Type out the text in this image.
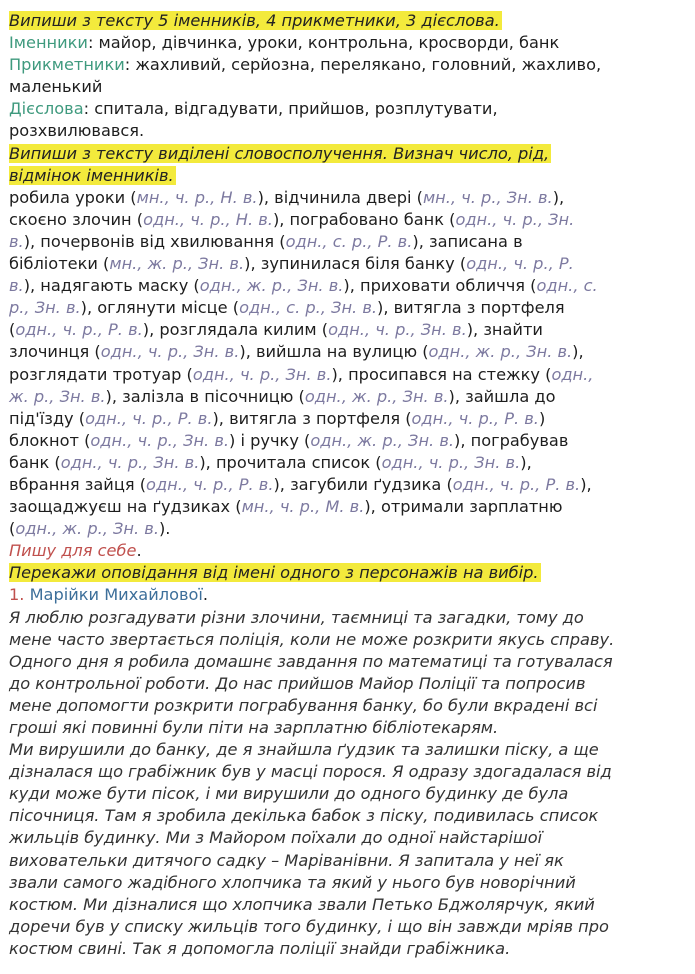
Випиши з тексту 5 іменників, 4 прикметники, 3 дієслова.
Іменники: майор, дівчинка, уроки, контрольна, кросворди, банк
Прикметники: жахливий, серйозна, перелякано, головний, жахливо,
маленький
Дієслова: спитала, відгадувати, прийшов, розплутувати,
розхвилювався.
Випиши з тексту виділені словосполучення. Визнач число, рід,
відмінок іменників.
робила уроки (мн., ч. р., Н. в.), відчинила двері (мн., ч. р., Зн. в.),
скоєно злочин (одн., ч. р., Н. в.), пограбовано банк (одн., ч. р., Зн.
в.), почервонів від хвилювання (одн., с. р., Р. в.), записана в
бібліотеки (мн., ж. р., Зн. в.), зупинилася біля банку (одн., ч. р., Р.
в.), надягають маску (одн., ж. р., Зн. в.), приховати обличчя (одн., с.
р., Зн. в.), оглянути місце (одн., с. р., Зн. в.), витягла з портфеля
(одн., ч. р., Р. в.), розглядала килим (одн., ч. р., Зн. в.), знайти
злочинця (одн., ч. р., Зн. в.), вийшла на вулицю (одн., ж. р., Зн. в.),
розглядати тротуар (одн., ч. р., Зн. в.), просипався на стежку (одн.,
ж. р., Зн. в.), залізла в пісочницю (одн., ж. р., Зн. в.), зайшла до
під'їзду (одн., ч. р., Р. в.), витягла з портфеля (одн., ч. р., Р. в.)
блокнот (одн., ч. р., Зн. в.) і ручку (одн., ж. р., Зн. в.), пограбував
банк (одн., ч. р., Зн. в.), прочитала список (одн., ч. р., Зн. в.),
вбрання зайця (одн., ч. р., Р. в.), загубили ґудзика (одн., ч. р., Р. в.),
заощаджуєш на ґудзиках (мн., ч. р., М. в.), отримали зарплатню
(одн., ж. р., Зн. в.).
Пишу для себе.
Перекажи оповідання від імені одного з персонажів на вибір.
1. Марійки Михайлової.
Я люблю розгадувати різни злочини, таємниці та загадки, тому до
мене часто звертається поліція, коли не може розкрити якусь справу.
Одного дня я робила домашнє завдання по математиці та готувалася
до контрольної роботи. До нас прийшов Майор Поліції та попросив
мене допомогти розкрити пограбування банку, бо були вкрадені всі
гроші які повинні були піти на зарплатню бібліотекарям.
Ми вирушили до банку, де я знайшла ґудзик та залишки піску, а ще
дізналася що грабіжник був у масці порося. Я одразу здогадалася від
куди може бути пісок, і ми вирушили до одного будинку де була
пісочниця. Там я зробила декілька бабок з піску, подивилась список
жильців будинку. Ми з Майором поїхали до одної найстарішої
виховательки дитячого садку – Маріванівни. Я запитала у неї як
звали самого жадібного хлопчика та який у нього був новорічний
костюм. Ми дізналися що хлопчика звали Петько Бджолярчук, який
доречи був у списку жильців того будинку, і що він завжди мріяв про
костюм свині. Так я допомогла поліції знайди грабіжника.
